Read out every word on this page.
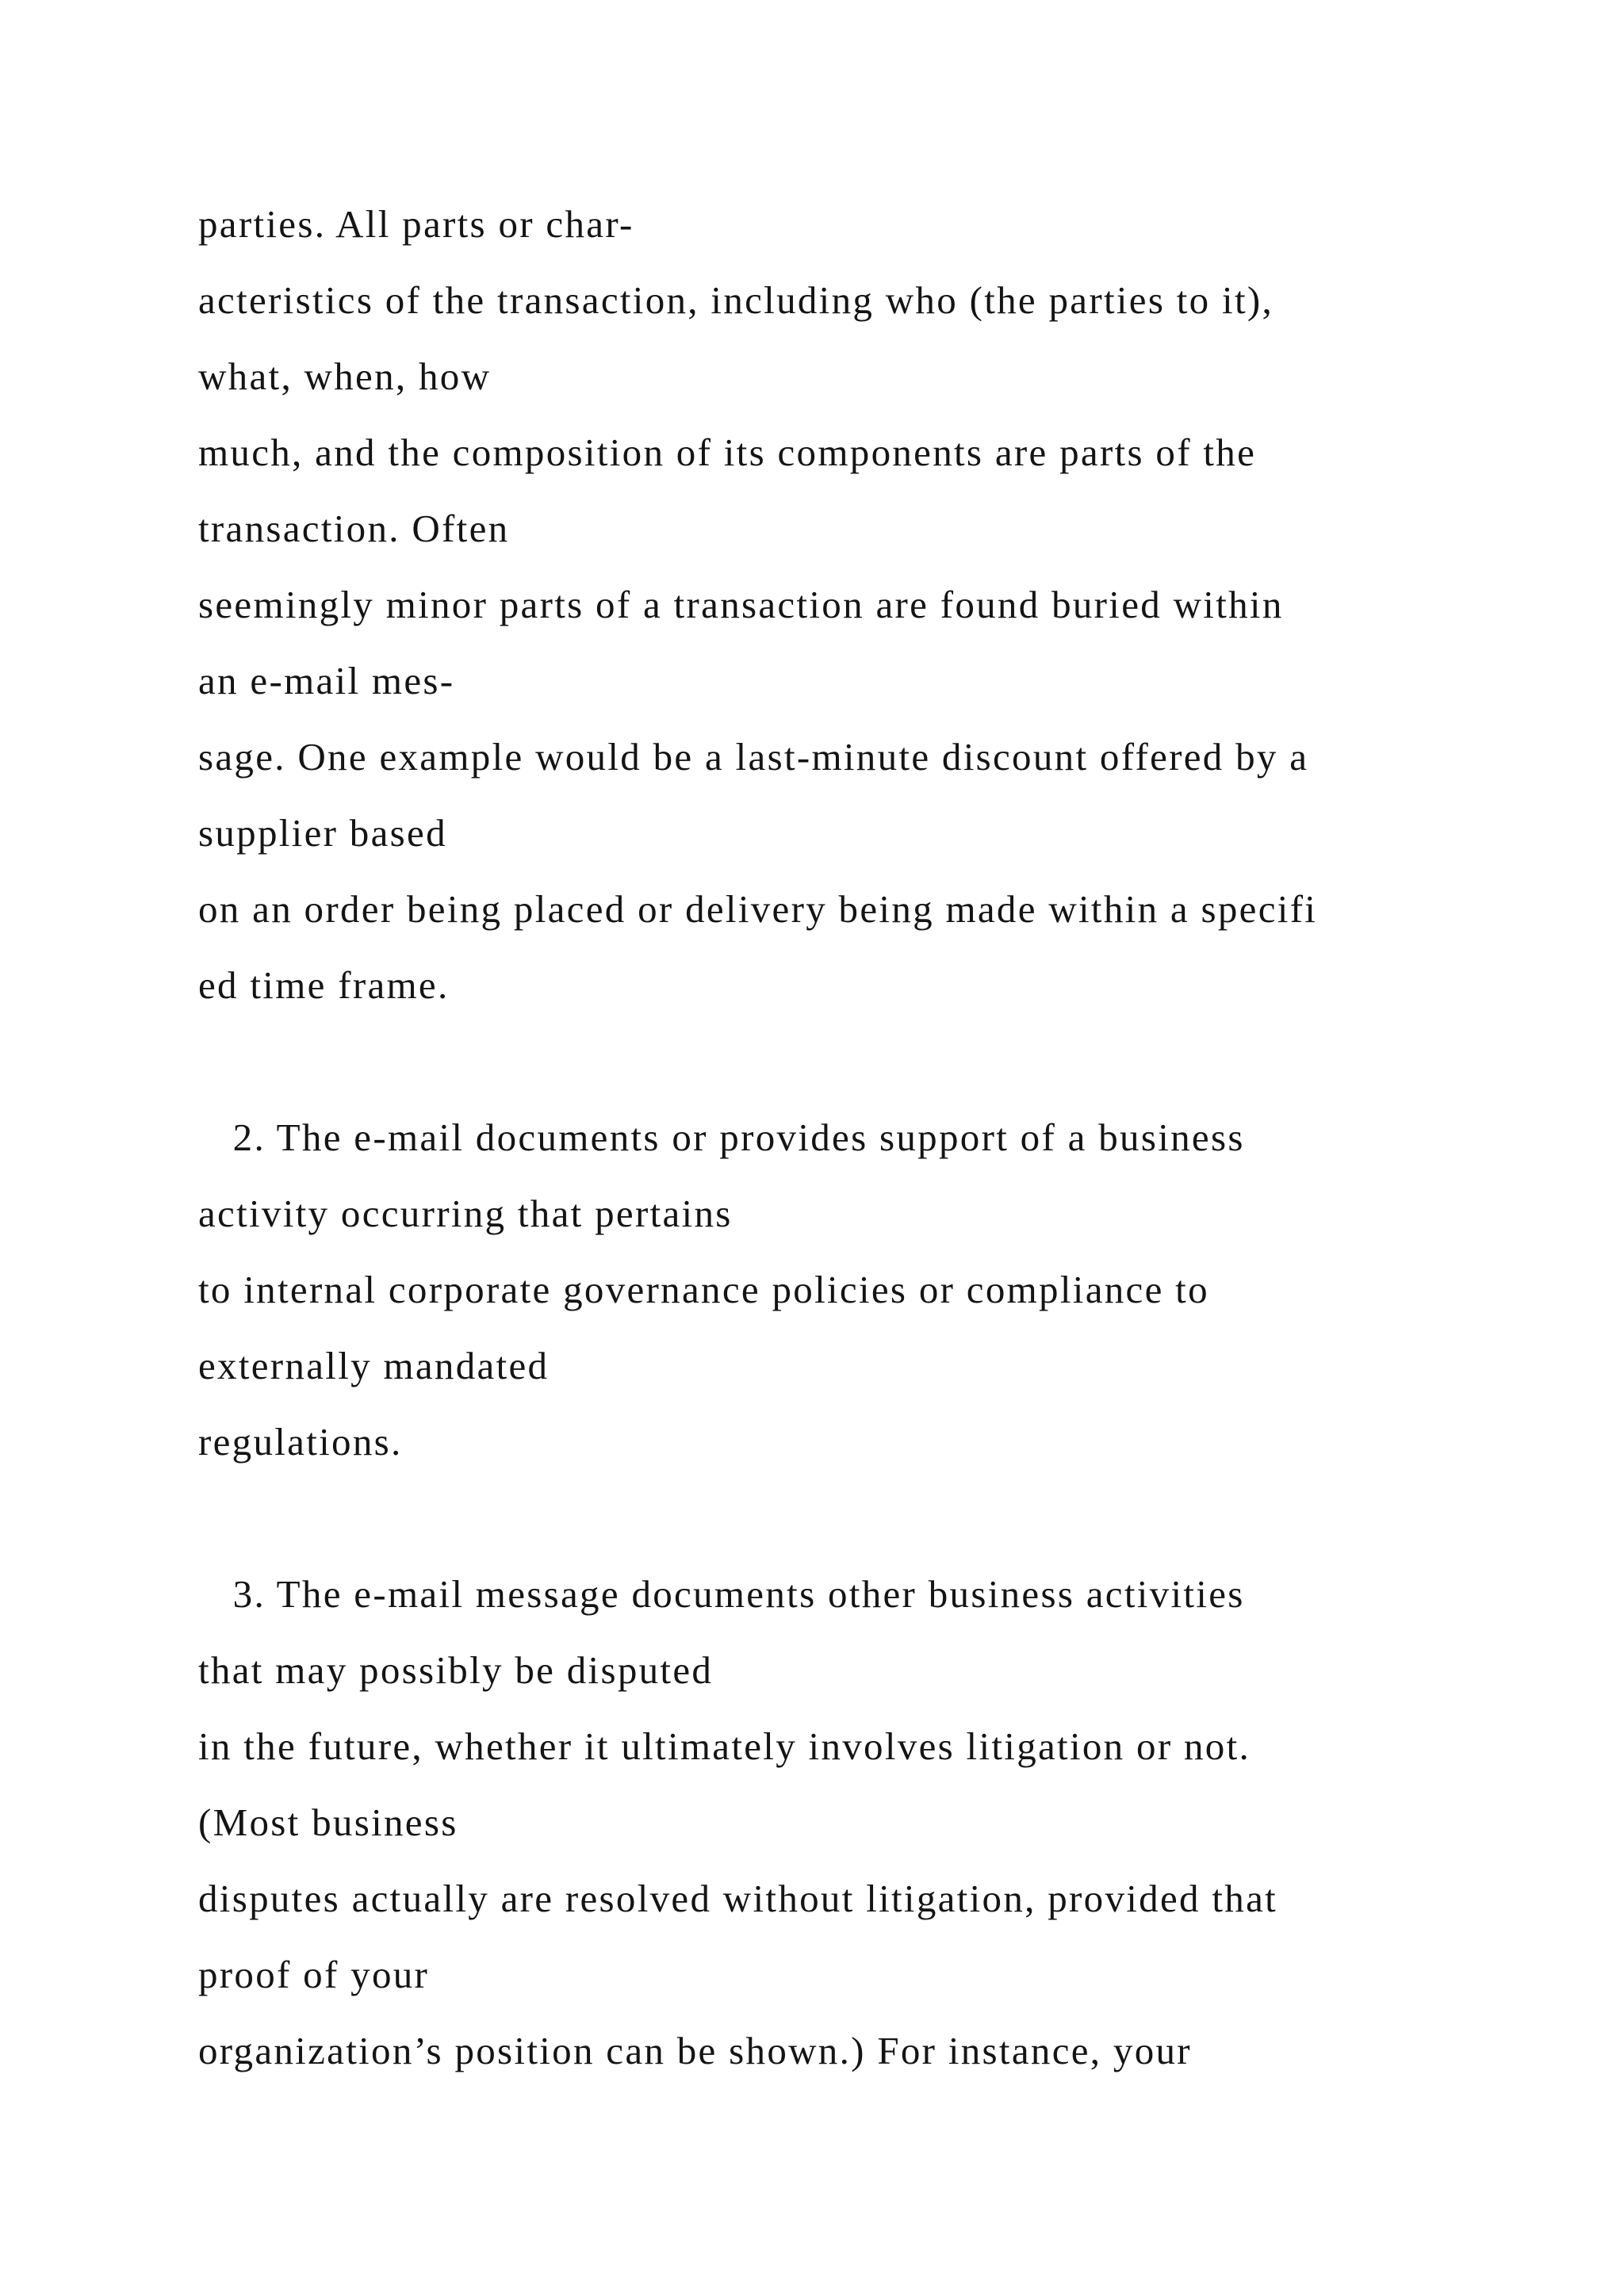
parties. All parts or char-

acteristics of the transaction, including who (the parties to it),

what, when, how

much, and the composition of its components are parts of the

transaction. Often

seemingly minor parts of a transaction are found buried within

an e-mail mes-

sage. One example would be a last-minute discount offered by a

supplier based

on an order being placed or delivery being made within a specifi

ed time frame.

2. The e-mail documents or provides support of a business

activity occurring that pertains

to internal corporate governance policies or compliance to

externally mandated

regulations.

3. The e-mail message documents other business activities

that may possibly be disputed

in the future, whether it ultimately involves litigation or not.

(Most business

disputes actually are resolved without litigation, provided that

proof of your

organization’s position can be shown.) For instance, your
